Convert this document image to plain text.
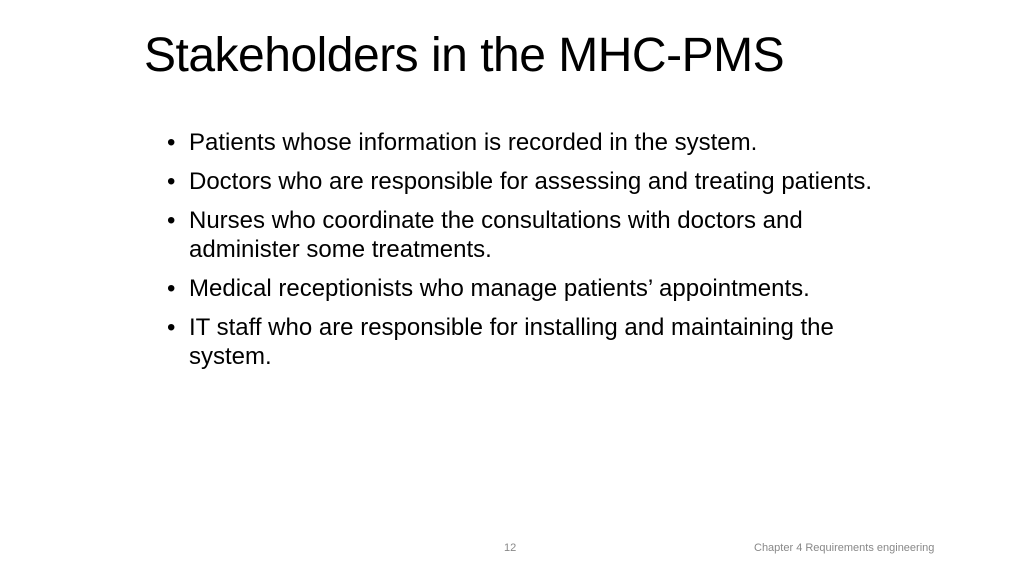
Stakeholders in the MHC-PMS
• Patients whose information is recorded in the system.
• Doctors who are responsible for assessing and treating patients.
• Nurses who coordinate the consultations with doctors and administer some treatments.
• Medical receptionists who manage patients’ appointments.
• IT staff who are responsible for installing and maintaining the system.
12	Chapter 4 Requirements engineering
